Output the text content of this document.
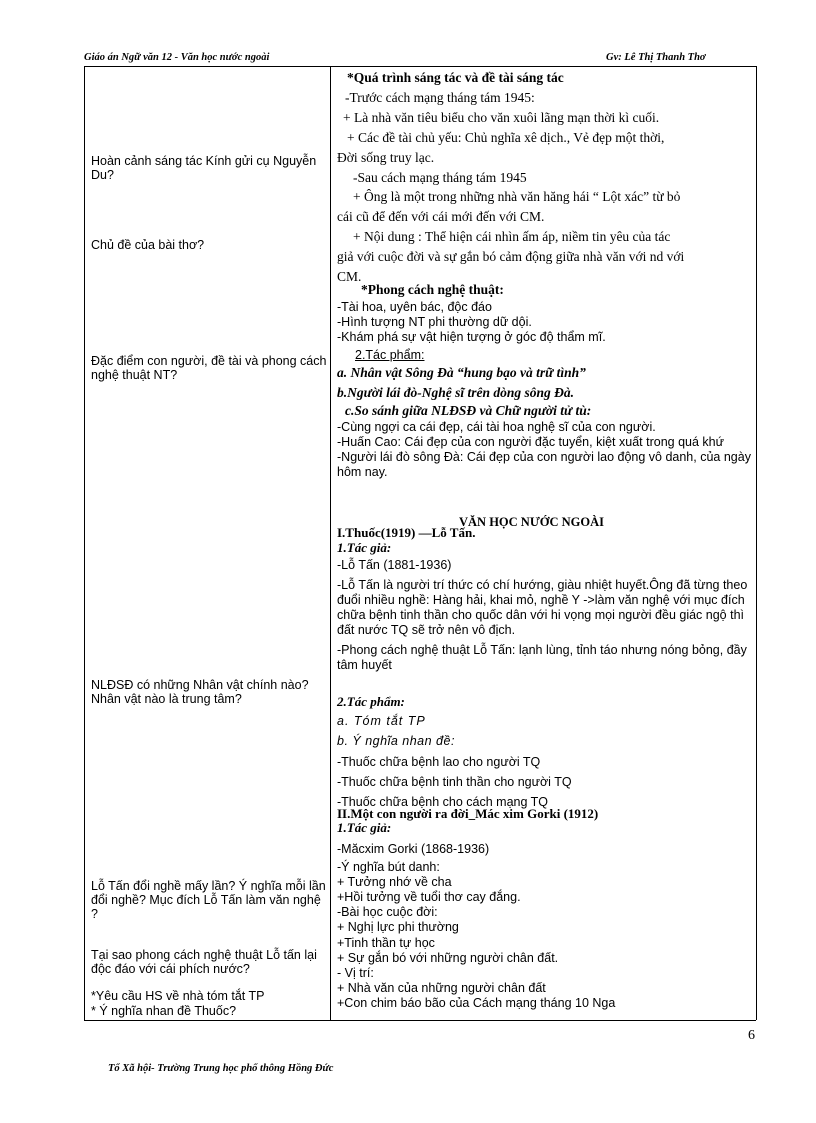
Giáo án Ngữ văn 12 - Văn học nước ngoài	Gv: Lê Thị Thanh Thơ
Hoàn cảnh sáng tác Kính gửi cụ Nguyễn Du?
Chủ đề của bài thơ?
Đặc điểm con người, đề tài và phong cách nghệ thuật NT?
NLĐSĐ có những Nhân vật chính nào? Nhân vật nào là trung tâm?
Lỗ Tấn đổi nghề mấy lần? Ý nghĩa mỗi lần đổi nghề? Mục đích Lỗ Tấn làm văn nghệ ?
Tại sao phong cách nghệ thuật Lỗ tấn lại độc đáo với cái phích nước?
*Yêu cầu HS về nhà tóm tắt TP
* Ý nghĩa nhan đề Thuốc?
*Quá trình sáng tác và đề tài sáng tác
-Trước cách mạng tháng tám 1945:
+ Là nhà văn tiêu biểu cho văn xuôi lãng mạn thời kì cuối.
+ Các đề tài chủ yếu: Chủ nghĩa xê dịch., Vẻ đẹp một thời,
Đời sống truy lạc.
-Sau cách mạng tháng tám 1945
+ Ông là một trong những nhà văn hăng hái “ Lột xác” từ bỏ
cái cũ để đến với cái mới đến với CM.
+ Nội dung : Thể hiện cái nhìn ấm áp, niềm tin yêu của tác
giả với cuộc đời và sự gắn bó cảm động giữa nhà văn với nd với
CM.
*Phong cách nghệ thuật:
-Tài hoa, uyên bác, độc đáo
-Hình tượng NT phi thường dữ dội.
-Khám phá sự vật hiện tượng ở góc độ thẩm mĩ.
2.Tác phẩm:
a. Nhân vật Sông Đà “hung bạo và trữ tình”
b.Người lái đò-Nghệ sĩ trên dòng sông Đà.
c.So sánh giữa NLĐSĐ và Chữ người tử tù:
-Cùng ngợi ca cái đẹp, cái tài hoa nghệ sĩ của con người.
-Huấn Cao: Cái đẹp của con người đặc tuyển, kiệt xuất trong quá khứ
-Người lái đò sông Đà: Cái đẹp của con người lao động vô danh, của ngày hôm nay.
VĂN HỌC NƯỚC NGOÀI
I.Thuốc(1919) —Lỗ Tấn.
1.Tác giả:
-Lỗ Tấn (1881-1936)
-Lỗ Tấn là người trí thức có chí hướng, giàu nhiệt huyết.Ông đã từng theo đuổi nhiều nghề: Hàng hải, khai mỏ, nghề Y ->làm văn nghệ với mục đích chữa bệnh tinh thần cho quốc dân với hi vọng mọi người đều giác ngộ thì đất nước TQ sẽ trở nên vô địch.
-Phong cách nghệ thuật Lỗ Tấn: lạnh lùng, tỉnh táo nhưng nóng bỏng, đầy tâm huyết
2.Tác phẩm:
a. Tóm tắt TP
b. Ý nghĩa nhan đề:
-Thuốc chữa bệnh lao cho người TQ
-Thuốc chữa bệnh tinh thần cho người TQ
-Thuốc chữa bệnh cho cách mạng TQ
II.Một con người ra đời_Mác xim Gorki (1912)
1.Tác giả:
-Măcxim Gorki (1868-1936)
-Ý nghĩa bút danh:
+ Tưởng nhớ về cha
+Hồi tưởng về tuổi thơ cay đắng.
-Bài học cuộc đời:
+ Nghị lực phi thường
+Tinh thần tự học
+ Sự gắn bó với những người chân đất.
- Vị trí:
+ Nhà văn của những người chân đất
+Con chim báo bão của Cách mạng tháng 10 Nga
6
Tổ Xã hội- Trường Trung học phổ thông Hồng Đức
